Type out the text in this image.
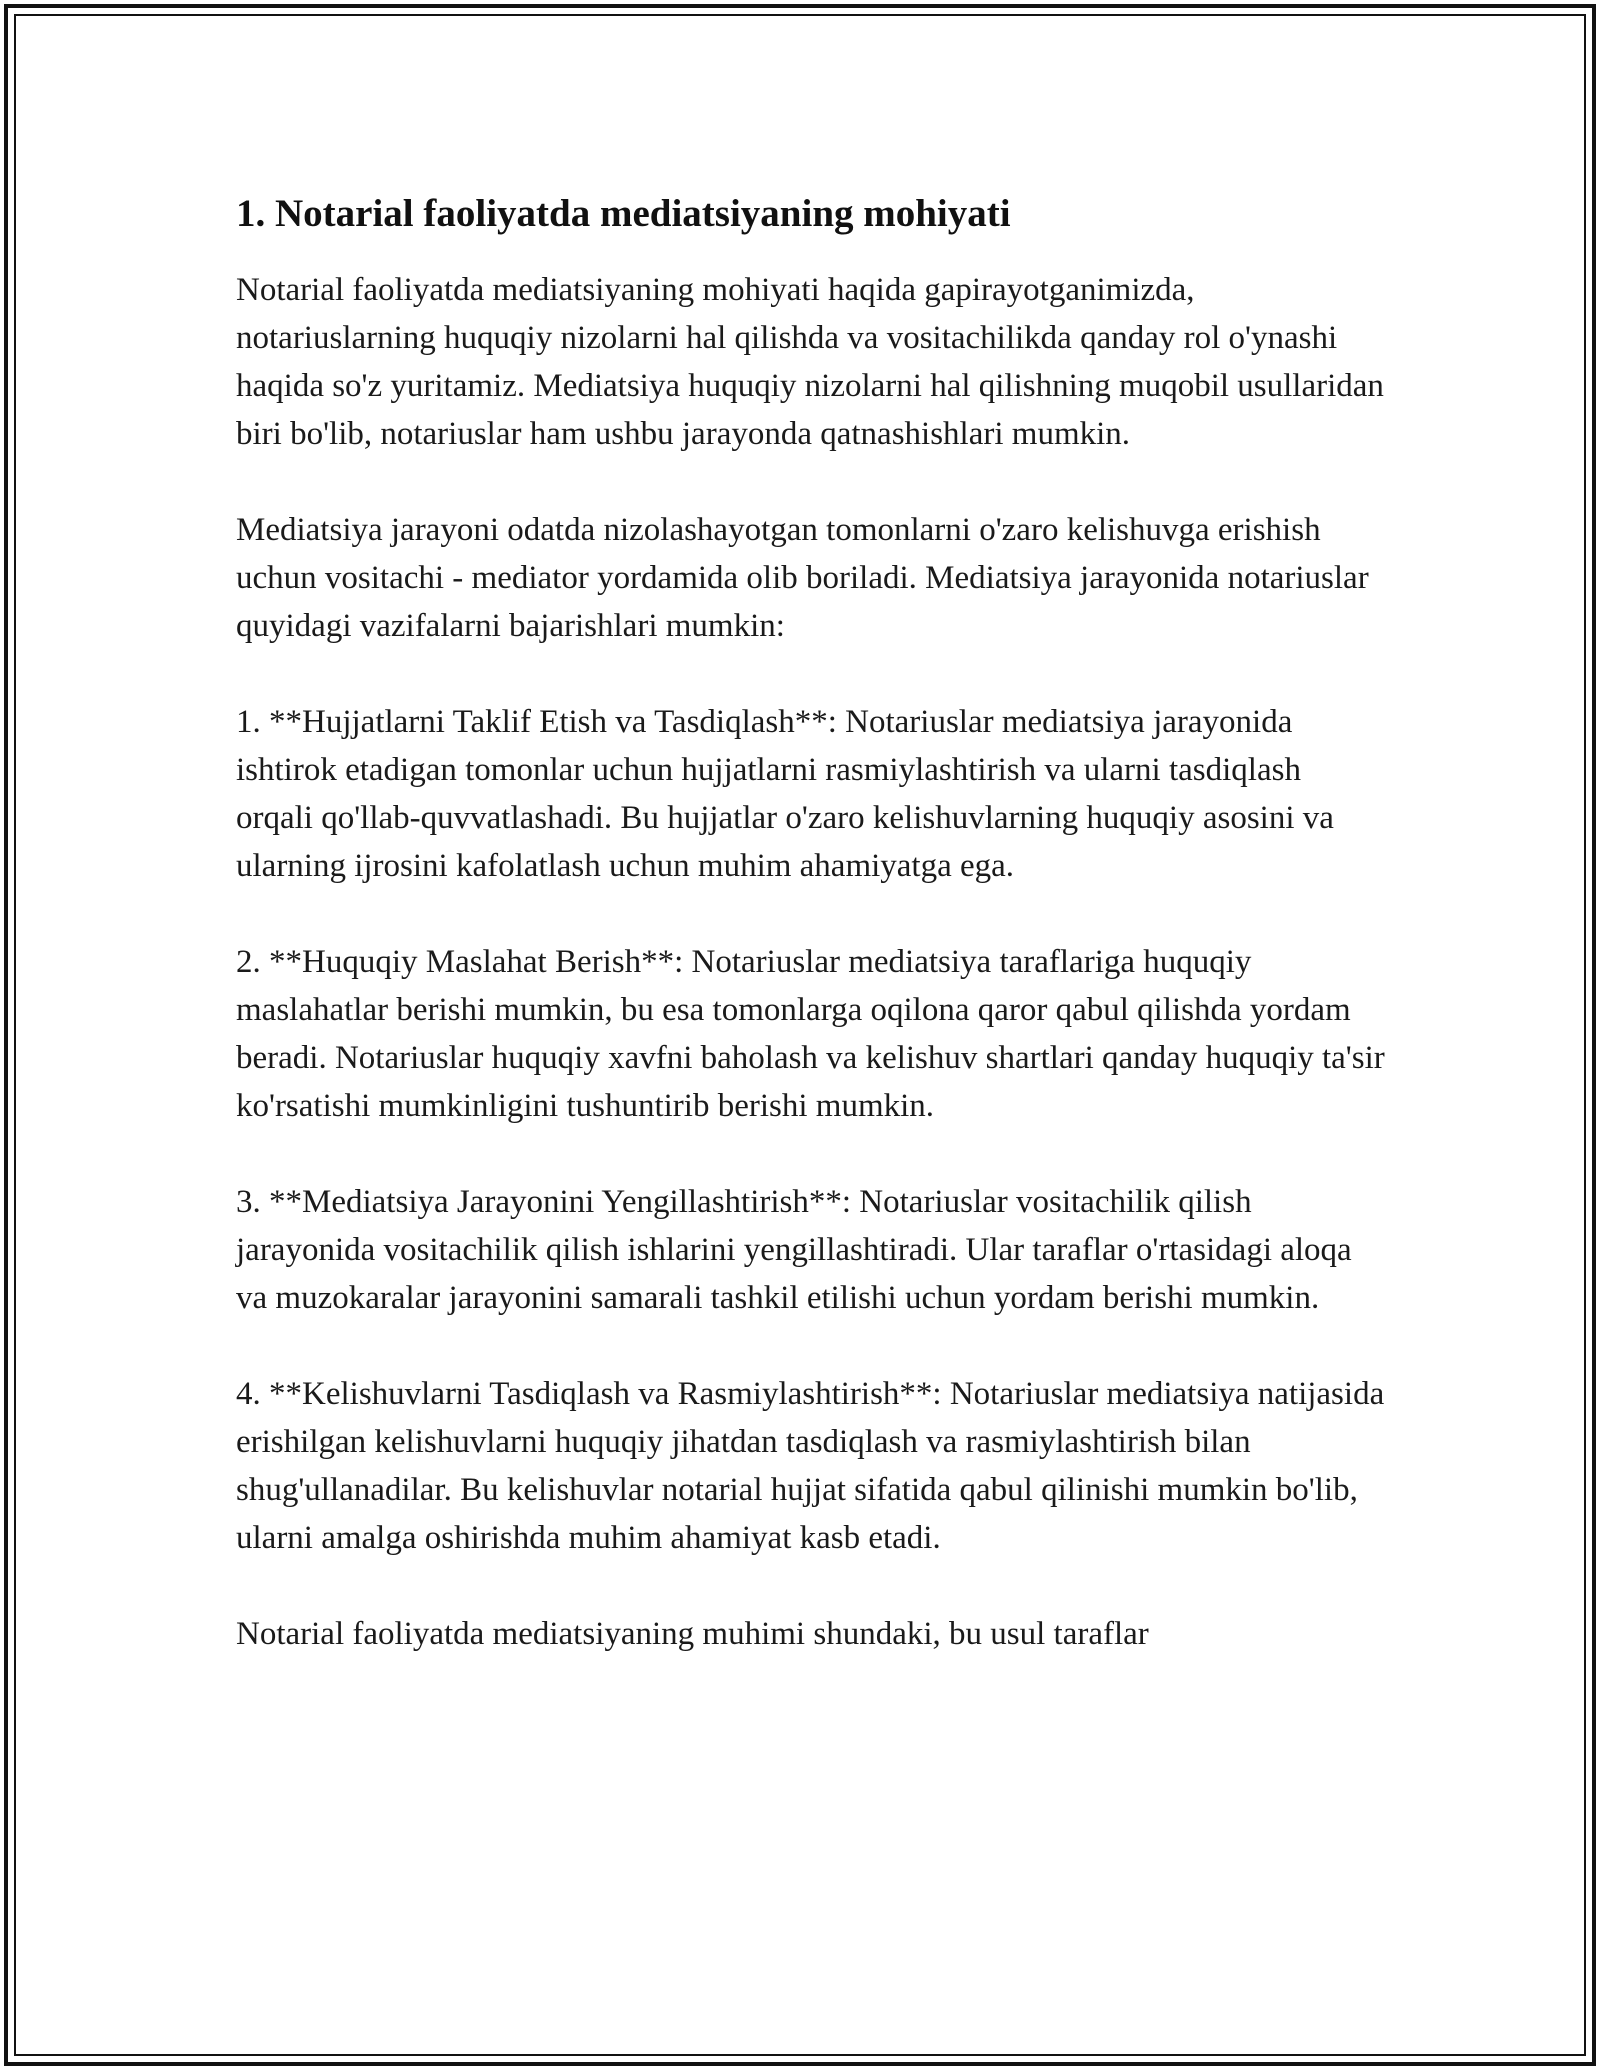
1. Notarial faoliyatda mediatsiyaning mohiyati

Notarial faoliyatda mediatsiyaning mohiyati haqida gapirayotganimizda, notariuslarning huquqiy nizolarni hal qilishda va vositachilikda qanday rol o'ynashi haqida so'z yuritamiz. Mediatsiya huquqiy nizolarni hal qilishning muqobil usullaridan biri bo'lib, notariuslar ham ushbu jarayonda qatnashishlari mumkin.

Mediatsiya jarayoni odatda nizolashayotgan tomonlarni o'zaro kelishuvga erishish uchun vositachi - mediator yordamida olib boriladi. Mediatsiya jarayonida notariuslar quyidagi vazifalarni bajarishlari mumkin:

1. **Hujjatlarni Taklif Etish va Tasdiqlash**: Notariuslar mediatsiya jarayonida ishtirok etadigan tomonlar uchun hujjatlarni rasmiylashtirish va ularni tasdiqlash orqali qo'llab-quvvatlashadi. Bu hujjatlar o'zaro kelishuvlarning huquqiy asosini va ularning ijrosini kafolatlash uchun muhim ahamiyatga ega.

2. **Huquqiy Maslahat Berish**: Notariuslar mediatsiya taraflariga huquqiy maslahatlar berishi mumkin, bu esa tomonlarga oqilona qaror qabul qilishda yordam beradi. Notariuslar huquqiy xavfni baholash va kelishuv shartlari qanday huquqiy ta'sir ko'rsatishi mumkinligini tushuntirib berishi mumkin.

3. **Mediatsiya Jarayonini Yengillashtirish**: Notariuslar vositachilik qilish jarayonida vositachilik qilish ishlarini yengillashtiradi. Ular taraflar o'rtasidagi aloqa va muzokaralar jarayonini samarali tashkil etilishi uchun yordam berishi mumkin.

4. **Kelishuvlarni Tasdiqlash va Rasmiylashtirish**: Notariuslar mediatsiya natijasida erishilgan kelishuvlarni huquqiy jihatdan tasdiqlash va rasmiylashtirish bilan shug'ullanadilar. Bu kelishuvlar notarial hujjat sifatida qabul qilinishi mumkin bo'lib, ularni amalga oshirishda muhim ahamiyat kasb etadi.

Notarial faoliyatda mediatsiyaning muhimi shundaki, bu usul taraflar
